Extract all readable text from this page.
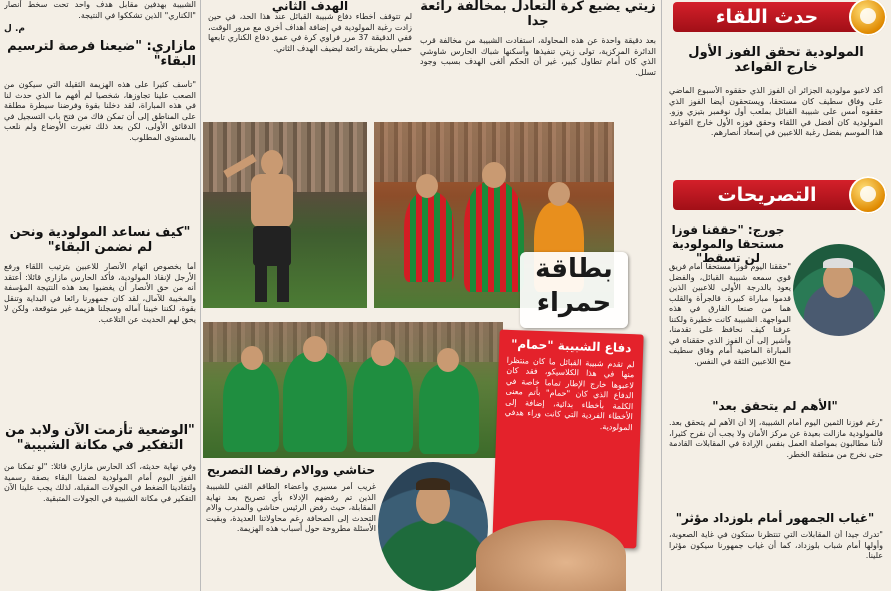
حدث اللقاء
المولودية تحقق الفوز الأول خارج القواعد
أكد لاعبو مولودية الجزائر أن الفوز الذي حققوه الأسبوع الماضي على وفاق سطيف كان مستحقا، ويستحقون أيضا الفوز الذي حققوه أمس على شبيبة القبائل بملعب أول نوفمبر بتيزي وزو. المولودية كان أفضل في اللقاء وحقق فوزه الأول خارج القواعد هذا الموسم بفضل رغبة اللاعبين في إسعاد أنصارهم.
التصريحات
جورج: "حققنا فوزا مستحقا والمولودية لن تسقط"
"حققنا اليوم فوزا مستحقا أمام فريق قوي سمعه شبيبة القبائل، والفضل يعود بالدرجة الأولى للاعبين الذين قدموا مباراة كبيرة. قالجرأة والقلب هما من صنعا الفارق في هذه المواجهة. الشبيبة كانت خطيرة ولكننا عرفنا كيف نحافظ على تقدمنا، وأشير إلى أن الفوز الذي حققناه في المباراة الماضية أمام وفاق سطيف منح اللاعبين الثقة في النفس.
"الأهم لم يتحقق بعد"
"رغم فوزنا الثمين اليوم أمام الشبيبة، إلا أن الأهم لم يتحقق بعد. فالمولودية مازالت بعيدة عن مركز الأمان ولا يجب أن نفرح كثيرا، لأننا مطالبون بمواصلة العمل بنفس الإرادة في المقابلات القادمة حتى نخرج من منطقة الخطر.
"غياب الجمهور أمام بلوزداد مؤثر"
"تدرك جيدا أن المقابلات التي تنتظرنا ستكون في غاية الصعوبة، وأولها أمام شباب بلوزداد، كما أن غياب جمهورنا سيكون مؤثرا علينا.
زيتي يضيع كرة التعادل بمخالفة رائعة جدا
بعد دقيقة واحدة عن هذه المحاولة، استفادت الشبيبة من مخالفة قرب الدائرة المركزية، تولى زيتي تنفيذها وأسكنها شباك الحارس شاوشي الذي كان أمام تطاول كبير، غير أن الحكم ألغى الهدف بسبب وجود تسلل.
الهدف الثاني
لم تتوقف أخطاء دفاع شبيبة القبائل عند هذا الحد، في حين زادت رغبة المولودية في إضافة أهداف أخرى مع مرور الوقت، ففي الدقيقة 37 مرر فراوي كرة في عمق دفاع الكناري تابعها حمبلي بطريقة رائعة ليضيف الهدف الثاني.
بطاقة
حمراء
دفاع الشبيبة "حمام"
لم تقدم شبيبة القبائل ما كان منتظرا منها في هذا الكلاسيكو، فقد كان لاعبوها خارج الإطار تماما خاصة في الدفاع الذي كان "حمام" بأتم معنى الكلمة بأخطاء بدائية، إضافة إلى الأخطاء الفردية التي كانت وراء هدفي المولودية.
حناشي ووالام رفضا التصريح
غريب أمر مسيري وأعضاء الطاقم الفني للشبيبة الذين تم رفضهم الإدلاء بأي تصريح بعد نهاية المقابلة، حيث رفض الرئيس حناشي والمدرب والام التحدث إلى الصحافة رغم محاولاتنا العديدة، وبقيت الأسئلة مطروحة حول أسباب هذه الهزيمة.
الشبيبة بهدفين مقابل هدف واحد تحت سخط أنصار "الكناري" الذين تشككوا في النتيجة.
م. ل
مازاري: "ضيعنا فرصة لترسيم البقاء"
"تأسف كثيرا على هذه الهزيمة الثقيلة التي سيكون من الصعب علينا تجاوزها، شخصيا لم أفهم ما الذي حدث لنا في هذه المباراة، لقد دخلنا بقوة وفرضنا سيطرة مطلقة على المناطق إلى أن تمكن فاك من فتح باب التسجيل في الدقائق الأولى، لكن بعد ذلك تغيرت الأوضاع ولم نلعب بالمستوى المطلوب.
"كيف نساعد المولودية ونحن لم نضمن البقاء"
أما بخصوص اتهام الأنصار للاعبين بترتيب اللقاء ورفع الأرجل لإنقاذ المولودية، فأكد الحارس مازاري قائلا: أعتقد أنه من حق الأنصار أن يغضبوا بعد هذه النتيجة المؤسفة والمخيبة للآمال، لقد كان جمهورنا رائعا في البداية وتنقل بقوة، لكننا خيبنا آماله وسجلنا هزيمة غير متوقعة، ولكن لا يحق لهم الحديث عن التلاعب.
"الوضعية تأزمت الآن ولابد من التفكير في مكانة الشبيبة"
وفي نهاية حديثه، أكد الحارس مازاري قائلا: "لو تمكنا من الفوز اليوم أمام المولودية لضمنا البقاء بصفة رسمية ولتفادينا الضغط في الجولات المقبلة، لذلك يجب علينا الآن التفكير في مكانة الشبيبة في الجولات المتبقية.
